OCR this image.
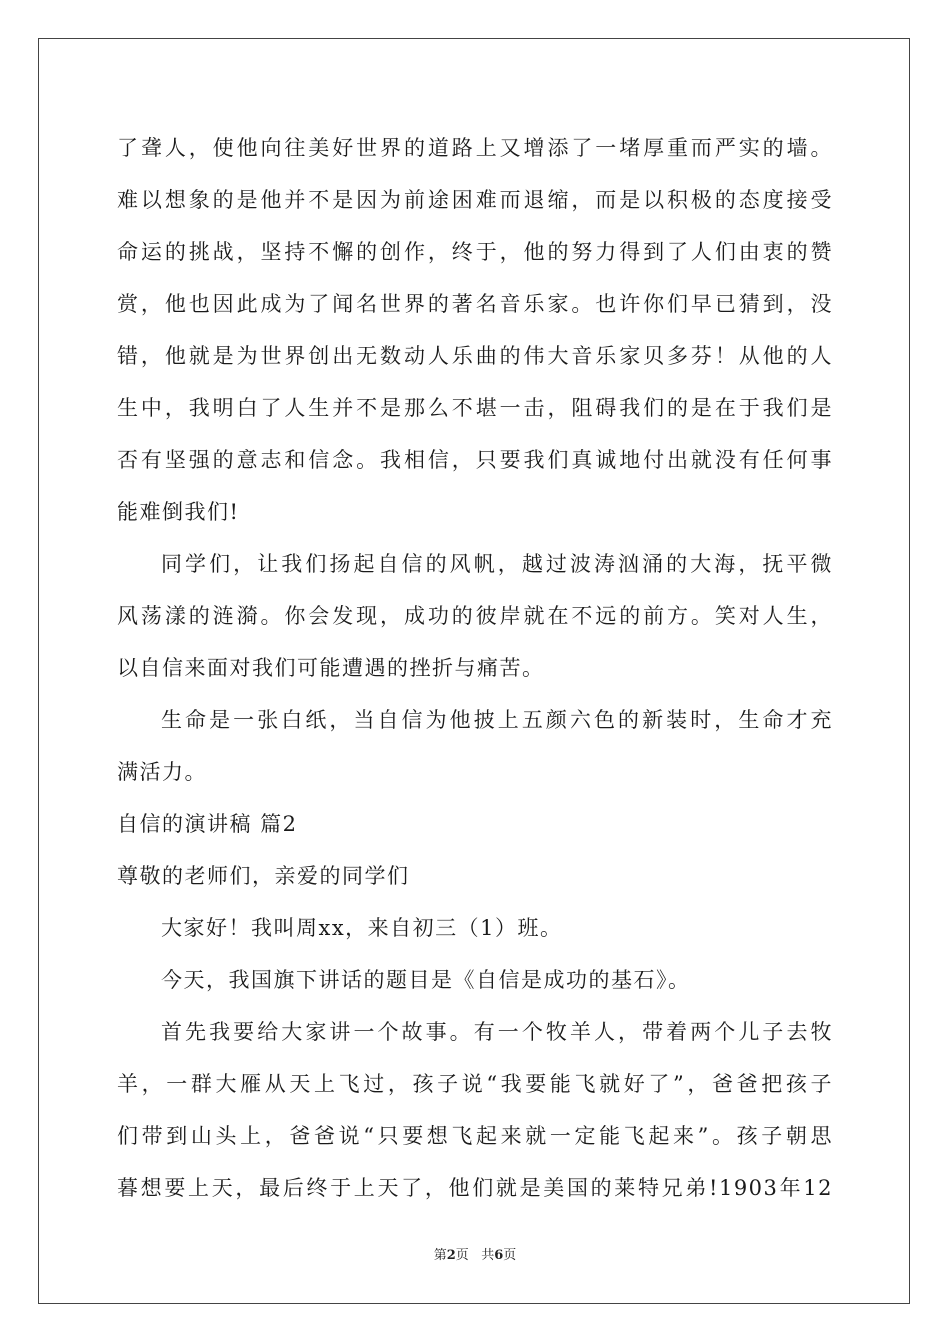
了聋人，使他向往美好世界的道路上又增添了一堵厚重而严实的墙。
难以想象的是他并不是因为前途困难而退缩，而是以积极的态度接受
命运的挑战，坚持不懈的创作，终于，他的努力得到了人们由衷的赞
赏，他也因此成为了闻名世界的著名音乐家。也许你们早已猜到，没
错，他就是为世界创出无数动人乐曲的伟大音乐家贝多芬！从他的人
生中，我明白了人生并不是那么不堪一击，阻碍我们的是在于我们是
否有坚强的意志和信念。我相信，只要我们真诚地付出就没有任何事
能难倒我们!
同学们，让我们扬起自信的风帆，越过波涛汹涌的大海，抚平微
风荡漾的涟漪。你会发现，成功的彼岸就在不远的前方。笑对人生，
以自信来面对我们可能遭遇的挫折与痛苦。
生命是一张白纸，当自信为他披上五颜六色的新装时，生命才充
满活力。
自信的演讲稿 篇2
尊敬的老师们，亲爱的同学们
大家好！我叫周xx，来自初三（1）班。
今天，我国旗下讲话的题目是《自信是成功的基石》。
首先我要给大家讲一个故事。有一个牧羊人，带着两个儿子去牧
羊，一群大雁从天上飞过，孩子说“我要能飞就好了”，爸爸把孩子
们带到山头上，爸爸说“只要想飞起来就一定能飞起来”。孩子朝思
暮想要上天，最后终于上天了，他们就是美国的莱特兄弟!1903年12
第2页 共6页
